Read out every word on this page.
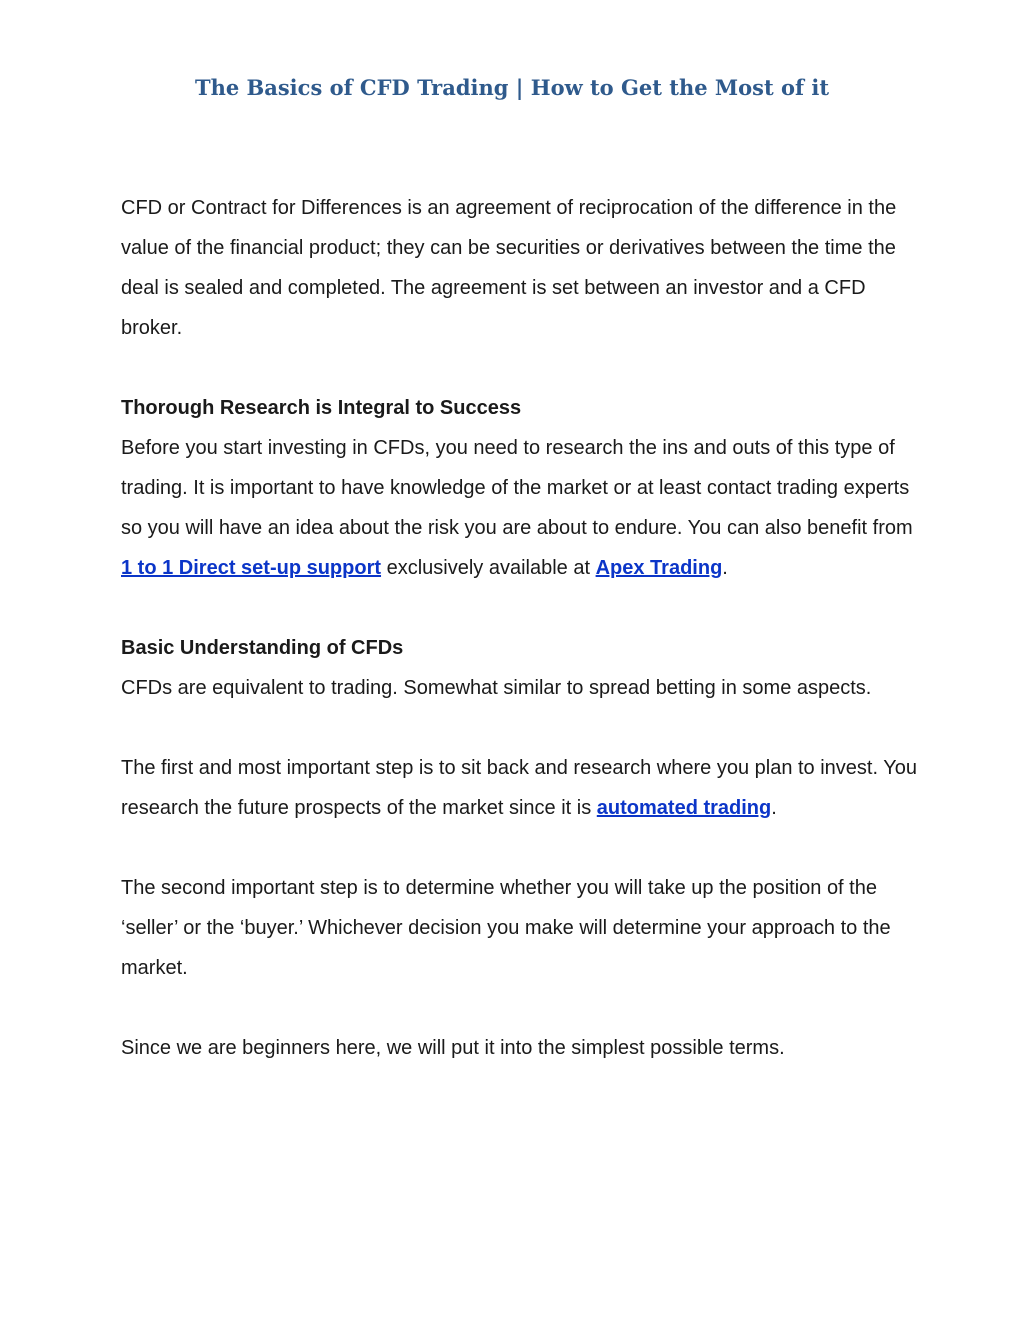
The Basics of CFD Trading | How to Get the Most of it

CFD or Contract for Differences is an agreement of reciprocation of the difference in the value of the financial product; they can be securities or derivatives between the time the deal is sealed and completed. The agreement is set between an investor and a CFD broker.

Thorough Research is Integral to Success

Before you start investing in CFDs, you need to research the ins and outs of this type of trading. It is important to have knowledge of the market or at least contact trading experts so you will have an idea about the risk you are about to endure. You can also benefit from 1 to 1 Direct set-up support exclusively available at Apex Trading.

Basic Understanding of CFDs

CFDs are equivalent to trading. Somewhat similar to spread betting in some aspects.

The first and most important step is to sit back and research where you plan to invest. You research the future prospects of the market since it is automated trading.

The second important step is to determine whether you will take up the position of the ‘seller’ or the ‘buyer.’ Whichever decision you make will determine your approach to the market.

Since we are beginners here, we will put it into the simplest possible terms.
